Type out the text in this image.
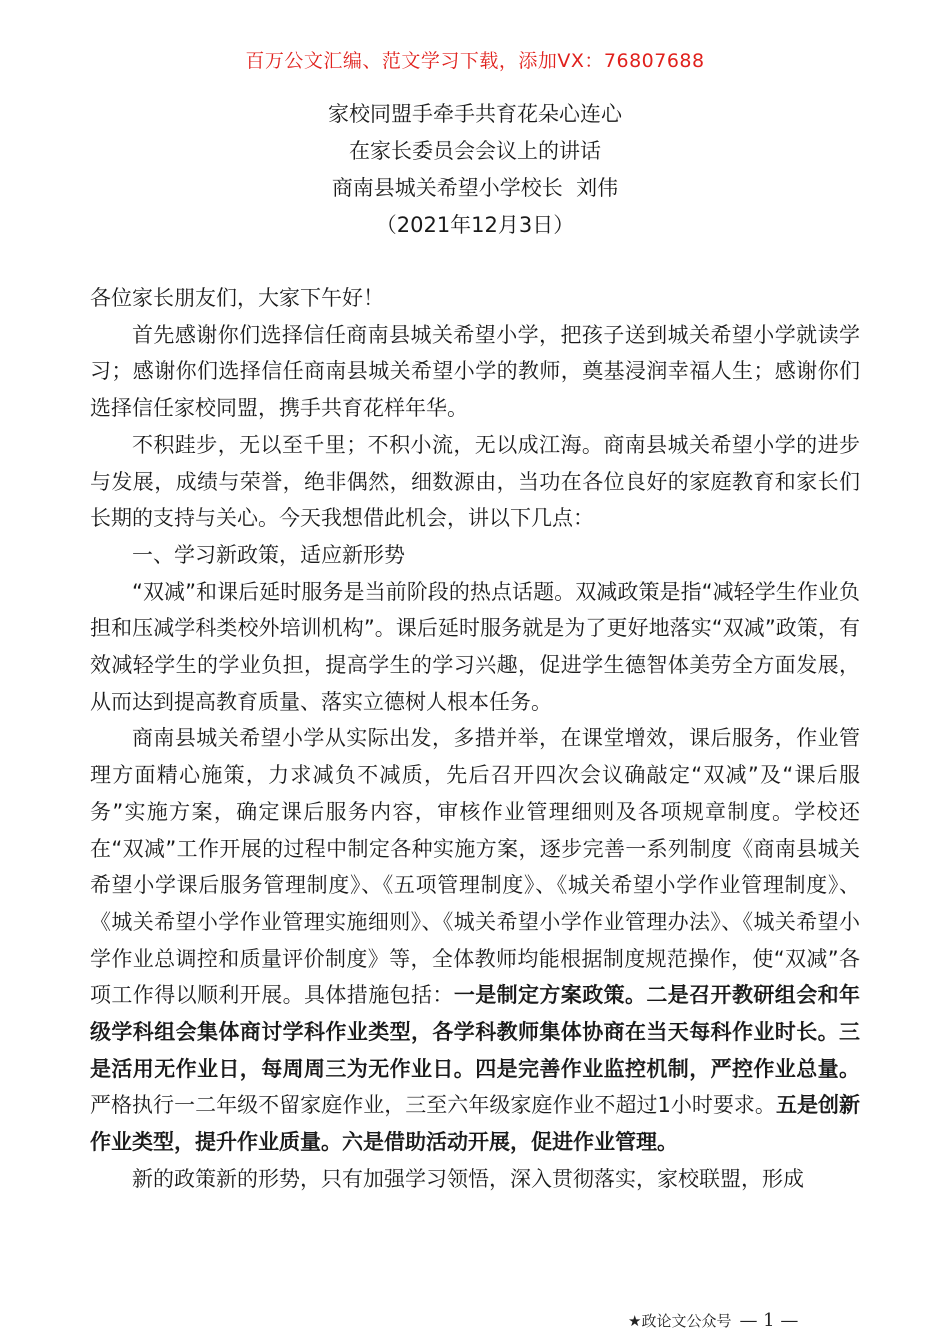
百万公文汇编、范文学习下载，添加VX：76807688
家校同盟手牵手共育花朵心连心
在家长委员会会议上的讲话
商南县城关希望小学校长  刘伟
（2021年12月3日）

各位家长朋友们，大家下午好！

首先感谢你们选择信任商南县城关希望小学，把孩子送到城关希望小学就读学习；感谢你们选择信任商南县城关希望小学的教师，奠基浸润幸福人生；感谢你们选择信任家校同盟，携手共育花样年华。

不积跬步，无以至千里；不积小流，无以成江海。商南县城关希望小学的进步与发展，成绩与荣誉，绝非偶然，细数源由，当功在各位良好的家庭教育和家长们长期的支持与关心。今天我想借此机会，讲以下几点：

一、学习新政策，适应新形势

“双减”和课后延时服务是当前阶段的热点话题。双减政策是指“减轻学生作业负担和压减学科类校外培训机构”。课后延时服务就是为了更好地落实“双减”政策，有效减轻学生的学业负担，提高学生的学习兴趣，促进学生德智体美劳全方面发展，从而达到提高教育质量、落实立德树人根本任务。

商南县城关希望小学从实际出发，多措并举，在课堂增效，课后服务，作业管理方面精心施策，力求减负不减质，先后召开四次会议确敲定“双减”及“课后服务”实施方案，确定课后服务内容，审核作业管理细则及各项规章制度。学校还在“双减”工作开展的过程中制定各种实施方案，逐步完善一系列制度《商南县城关希望小学课后服务管理制度》、《五项管理制度》、《城关希望小学作业管理制度》、《城关希望小学作业管理实施细则》、《城关希望小学作业管理办法》、《城关希望小学作业总调控和质量评价制度》等，全体教师均能根据制度规范操作，使“双减”各项工作得以顺利开展。具体措施包括：一是制定方案政策。二是召开教研组会和年级学科组会集体商讨学科作业类型，各学科教师集体协商在当天每科作业时长。三是活用无作业日，每周周三为无作业日。四是完善作业监控机制，严控作业总量。严格执行一二年级不留家庭作业，三至六年级家庭作业不超过1小时要求。五是创新作业类型，提升作业质量。六是借助活动开展，促进作业管理。

新的政策新的形势，只有加强学习领悟，深入贯彻落实，家校联盟，形成

★政论文公众号 — 1 —
